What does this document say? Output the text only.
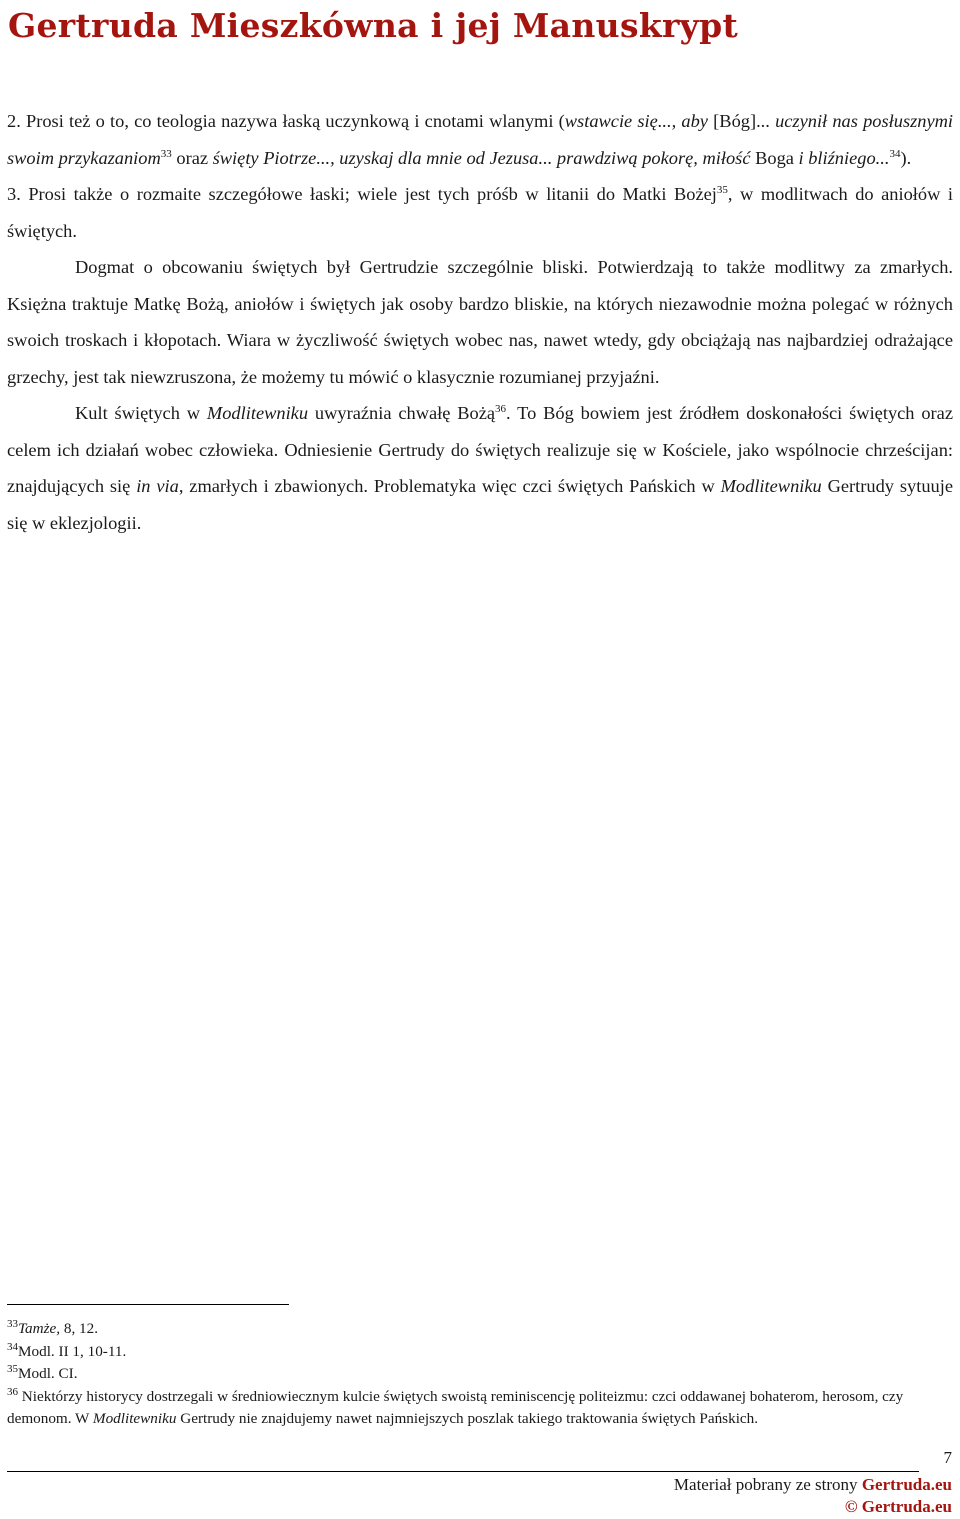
Gertruda Mieszkówna i jej Manuskrypt

2. Prosi też o to, co teologia nazywa łaską uczynkową i cnotami wlanymi (wstawcie się..., aby [Bóg]... uczynił nas posłusznymi swoim przykazaniom$^{33}$ oraz święty Piotrze..., uzyskaj dla mnie od Jezusa... prawdziwą pokorę, miłość Boga i bliźniego...$^{34}$).

3. Prosi także o rozmaite szczegółowe łaski; wiele jest tych próśb w litanii do Matki Bożej$^{35}$, w modlitwach do aniołów i świętych.

Dogmat o obcowaniu świętych był Gertrudzie szczególnie bliski. Potwierdzają to także modlitwy za zmarłych. Księżna traktuje Matkę Bożą, aniołów i świętych jak osoby bardzo bliskie, na których niezawodnie można polegać w różnych swoich troskach i kłopotach. Wiara w życzliwość świętych wobec nas, nawet wtedy, gdy obciążają nas najbardziej odrażające grzechy, jest tak niewzruszona, że możemy tu mówić o klasycznie rozumianej przyjaźni.

Kult świętych w Modlitewniku uwyraźnia chwałę Bożą$^{36}$. To Bóg bowiem jest źródłem doskonałości świętych oraz celem ich działań wobec człowieka. Odniesienie Gertrudy do świętych realizuje się w Kościele, jako wspólnocie chrześcijan: znajdujących się in via, zmarłych i zbawionych. Problematyka więc czci świętych Pańskich w Modlitewniku Gertrudy sytuuje się w eklezjologii.

$^{33}$Tamże, 8, 12.
$^{34}$Modl. II 1, 10-11.
$^{35}$Modl. CI.
$^{36}$ Niektórzy historycy dostrzegali w średniowiecznym kulcie świętych swoistą reminiscencję politeizmu: czci oddawanej bohaterom, herosom, czy demonom. W Modlitewniku Gertrudy nie znajdujemy nawet najmniejszych poszlak takiego traktowania świętych Pańskich.
7
Materiał pobrany ze strony Gertruda.eu
© Gertruda.eu
